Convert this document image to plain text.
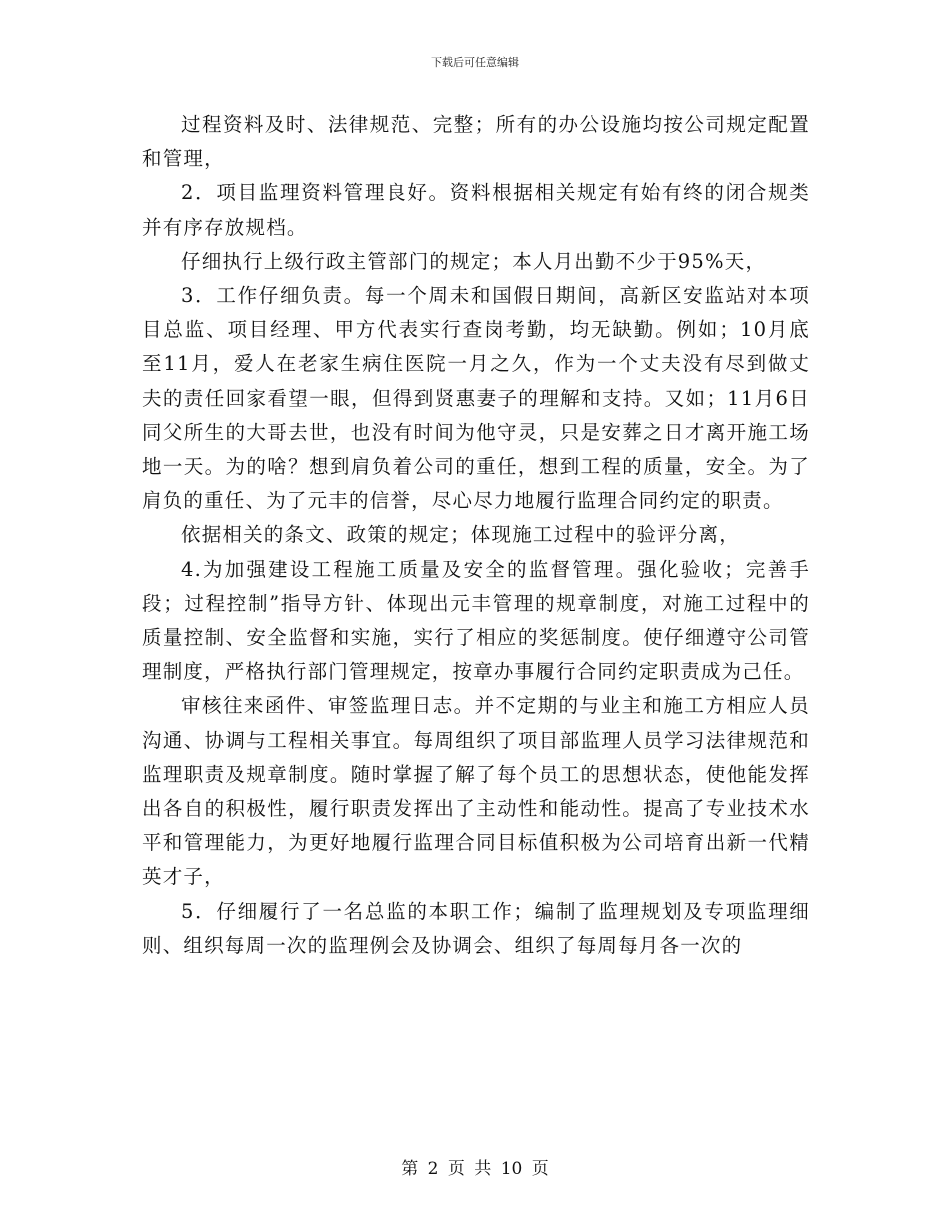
下载后可任意编辑

过程资料及时、法律规范、完整；所有的办公设施均按公司规定配置和管理，

2．项目监理资料管理良好。资料根据相关规定有始有终的闭合规类并有序存放规档。

仔细执行上级行政主管部门的规定；本人月出勤不少于95%天，

3．工作仔细负责。每一个周未和国假日期间，高新区安监站对本项目总监、项目经理、甲方代表实行查岗考勤，均无缺勤。例如；10月底至11月，爱人在老家生病住医院一月之久，作为一个丈夫没有尽到做丈夫的责任回家看望一眼，但得到贤惠妻子的理解和支持。又如；11月6日同父所生的大哥去世，也没有时间为他守灵，只是安葬之日才离开施工场地一天。为的啥？想到肩负着公司的重任，想到工程的质量，安全。为了肩负的重任、为了元丰的信誉，尽心尽力地履行监理合同约定的职责。

依据相关的条文、政策的规定；体现施工过程中的验评分离，

4.为加强建设工程施工质量及安全的监督管理。强化验收；完善手段；过程控制”指导方针、体现出元丰管理的规章制度，对施工过程中的质量控制、安全监督和实施，实行了相应的奖惩制度。使仔细遵守公司管理制度，严格执行部门管理规定，按章办事履行合同约定职责成为己任。

审核往来函件、审签监理日志。并不定期的与业主和施工方相应人员沟通、协调与工程相关事宜。每周组织了项目部监理人员学习法律规范和监理职责及规章制度。随时掌握了解了每个员工的思想状态，使他能发挥出各自的积极性，履行职责发挥出了主动性和能动性。提高了专业技术水平和管理能力，为更好地履行监理合同目标值积极为公司培育出新一代精英才子，

5．仔细履行了一名总监的本职工作；编制了监理规划及专项监理细则、组织每周一次的监理例会及协调会、组织了每周每月各一次的

第 2 页 共 10 页
